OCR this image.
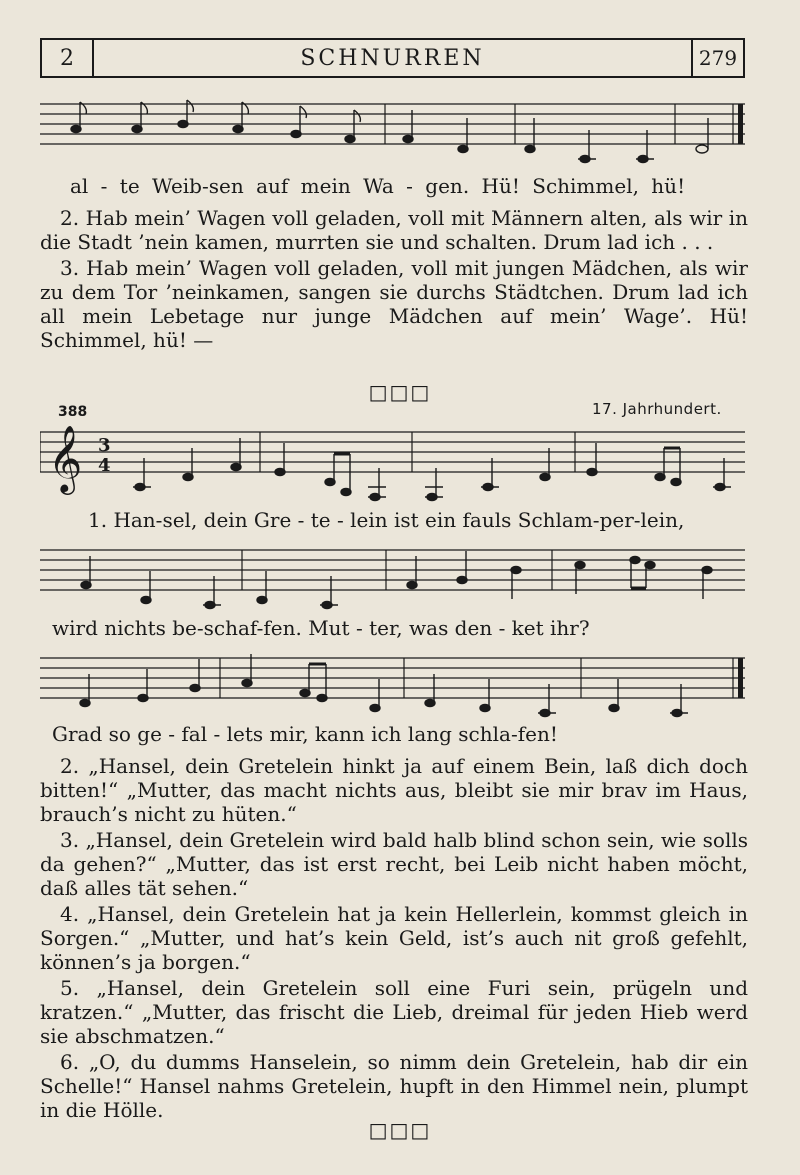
2	SCHNURREN	279
al - te Weib-sen auf mein Wa - gen. Hü! Schimmel, hü!

2. Hab mein’ Wagen voll geladen, voll mit Männern alten, als wir in die Stadt ’nein kamen, murrten sie und schalten. Drum lad ich . . .

3. Hab mein’ Wagen voll geladen, voll mit jungen Mädchen, als wir zu dem Tor ’neinkamen, sangen sie durchs Städtchen. Drum lad ich all mein Lebetage nur junge Mädchen auf mein’ Wage’. Hü! Schimmel, hü! —

□□□
388	17. Jahrhundert.
𝄞 3
4
1. Han-sel, dein Gre - te - lein ist ein fauls Schlam-per-lein,
wird nichts be-schaf-fen. Mut - ter, was den - ket ihr?
Grad so ge - fal - lets mir, kann ich lang schla-fen!

2. „Hansel, dein Gretelein hinkt ja auf einem Bein, laß dich doch bitten!“ „Mutter, das macht nichts aus, bleibt sie mir brav im Haus, brauch’s nicht zu hüten.“

3. „Hansel, dein Gretelein wird bald halb blind schon sein, wie solls da gehen?“ „Mutter, das ist erst recht, bei Leib nicht haben möcht, daß alles tät sehen.“

4. „Hansel, dein Gretelein hat ja kein Hellerlein, kommst gleich in Sorgen.“ „Mutter, und hat’s kein Geld, ist’s auch nit groß gefehlt, können’s ja borgen.“

5. „Hansel, dein Gretelein soll eine Furi sein, prügeln und kratzen.“ „Mutter, das frischt die Lieb, dreimal für jeden Hieb werd sie abschmatzen.“

6. „O, du dumms Hanselein, so nimm dein Gretelein, hab dir ein Schelle!“ Hansel nahms Gretelein, hupft in den Himmel nein, plumpt in die Hölle.

□□□
